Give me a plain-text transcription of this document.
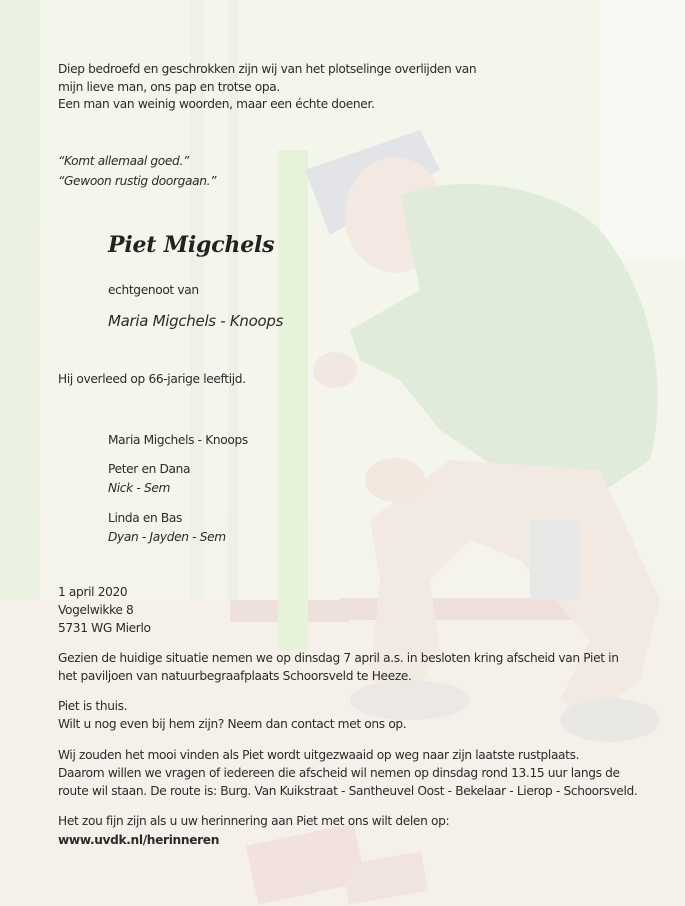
Diep bedroefd en geschrokken zijn wij van het plotselinge overlijden van
mijn lieve man, ons pap en trotse opa.
Een man van weinig woorden, maar een échte doener.
“Komt allemaal goed.”
“Gewoon rustig doorgaan.”
Piet Migchels
echtgenoot van
Maria Migchels - Knoops
Hij overleed op 66-jarige leeftijd.
Maria Migchels - Knoops
Peter en Dana
Nick - Sem
Linda en Bas
Dyan - Jayden - Sem
1 april 2020
Vogelwikke 8
5731 WG Mierlo
Gezien de huidige situatie nemen we op dinsdag 7 april a.s. in besloten kring afscheid van Piet in
het paviljoen van natuurbegraafplaats Schoorsveld te Heeze.
Piet is thuis.
Wilt u nog even bij hem zijn? Neem dan contact met ons op.
Wij zouden het mooi vinden als Piet wordt uitgezwaaid op weg naar zijn laatste rustplaats.
Daarom willen we vragen of iedereen die afscheid wil nemen op dinsdag rond 13.15 uur langs de
route wil staan. De route is: Burg. Van Kuikstraat - Santheuvel Oost - Bekelaar - Lierop - Schoorsveld.
Het zou fijn zijn als u uw herinnering aan Piet met ons wilt delen op:
www.uvdk.nl/herinneren
